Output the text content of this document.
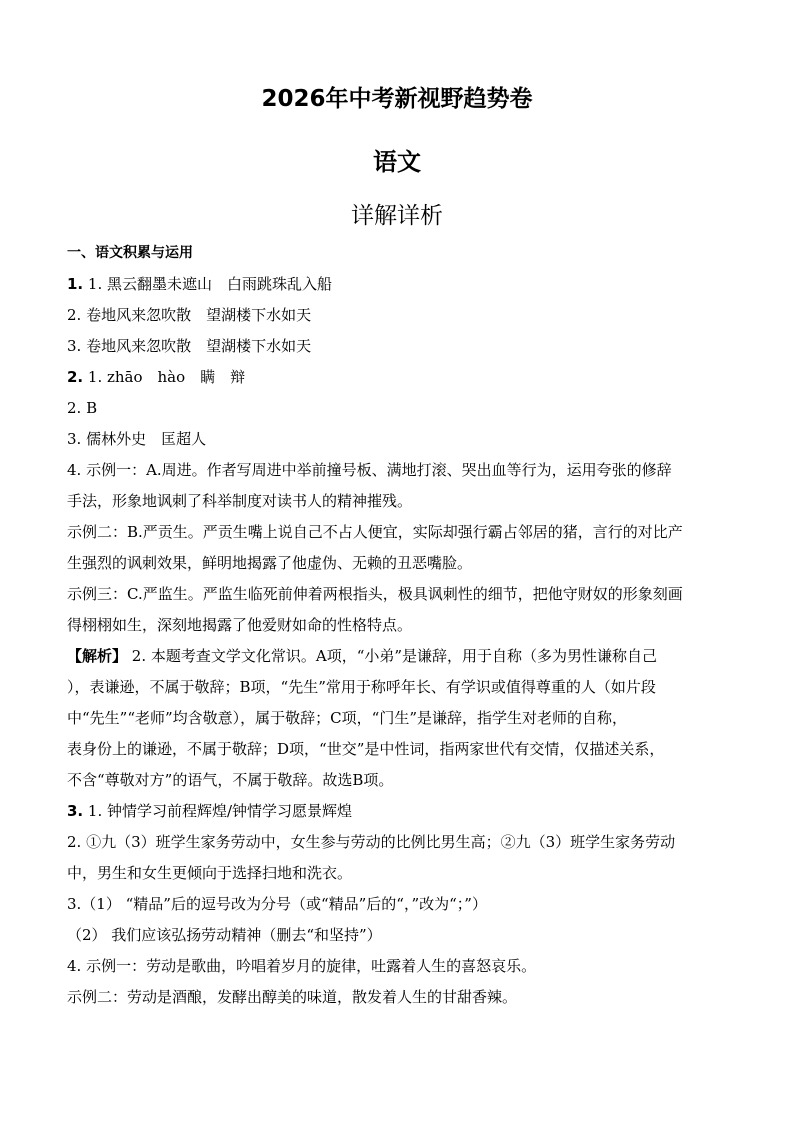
2026年中考新视野趋势卷
语文
详解详析
一、语文积累与运用
1. 1. 黑云翻墨未遮山　白雨跳珠乱入船
2. 卷地风来忽吹散　望湖楼下水如天
3. 卷地风来忽吹散　望湖楼下水如天
2. 1. zhāo　hào　瞒　辩
2. B
3. 儒林外史　匡超人
4. 示例一：A.周进。作者写周进中举前撞号板、满地打滚、哭出血等行为，运用夸张的修辞
手法，形象地讽刺了科举制度对读书人的精神摧残。
示例二：B.严贡生。严贡生嘴上说自己不占人便宜，实际却强行霸占邻居的猪，言行的对比产
生强烈的讽刺效果，鲜明地揭露了他虚伪、无赖的丑恶嘴脸。
示例三：C.严监生。严监生临死前伸着两根指头，极具讽刺性的细节，把他守财奴的形象刻画
得栩栩如生，深刻地揭露了他爱财如命的性格特点。
【解析】 2. 本题考查文学文化常识。A项，“小弟”是谦辞，用于自称（多为男性谦称自己
），表谦逊，不属于敬辞；B项，“先生”常用于称呼年长、有学识或值得尊重的人（如片段
中“先生”“老师”均含敬意），属于敬辞；C项，“门生”是谦辞，指学生对老师的自称，
表身份上的谦逊，不属于敬辞；D项，“世交”是中性词，指两家世代有交情，仅描述关系，
不含“尊敬对方”的语气，不属于敬辞。故选B项。
3. 1. 钟情学习前程辉煌/钟情学习愿景辉煌
2. ①九（3）班学生家务劳动中，女生参与劳动的比例比男生高；②九（3）班学生家务劳动
中，男生和女生更倾向于选择扫地和洗衣。
3.（1） “精品”后的逗号改为分号（或“精品”后的“，”改为“；”）
（2） 我们应该弘扬劳动精神（删去“和坚持”）
4. 示例一：劳动是歌曲，吟唱着岁月的旋律，吐露着人生的喜怒哀乐。
示例二：劳动是酒酿，发酵出醇美的味道，散发着人生的甘甜香辣。
